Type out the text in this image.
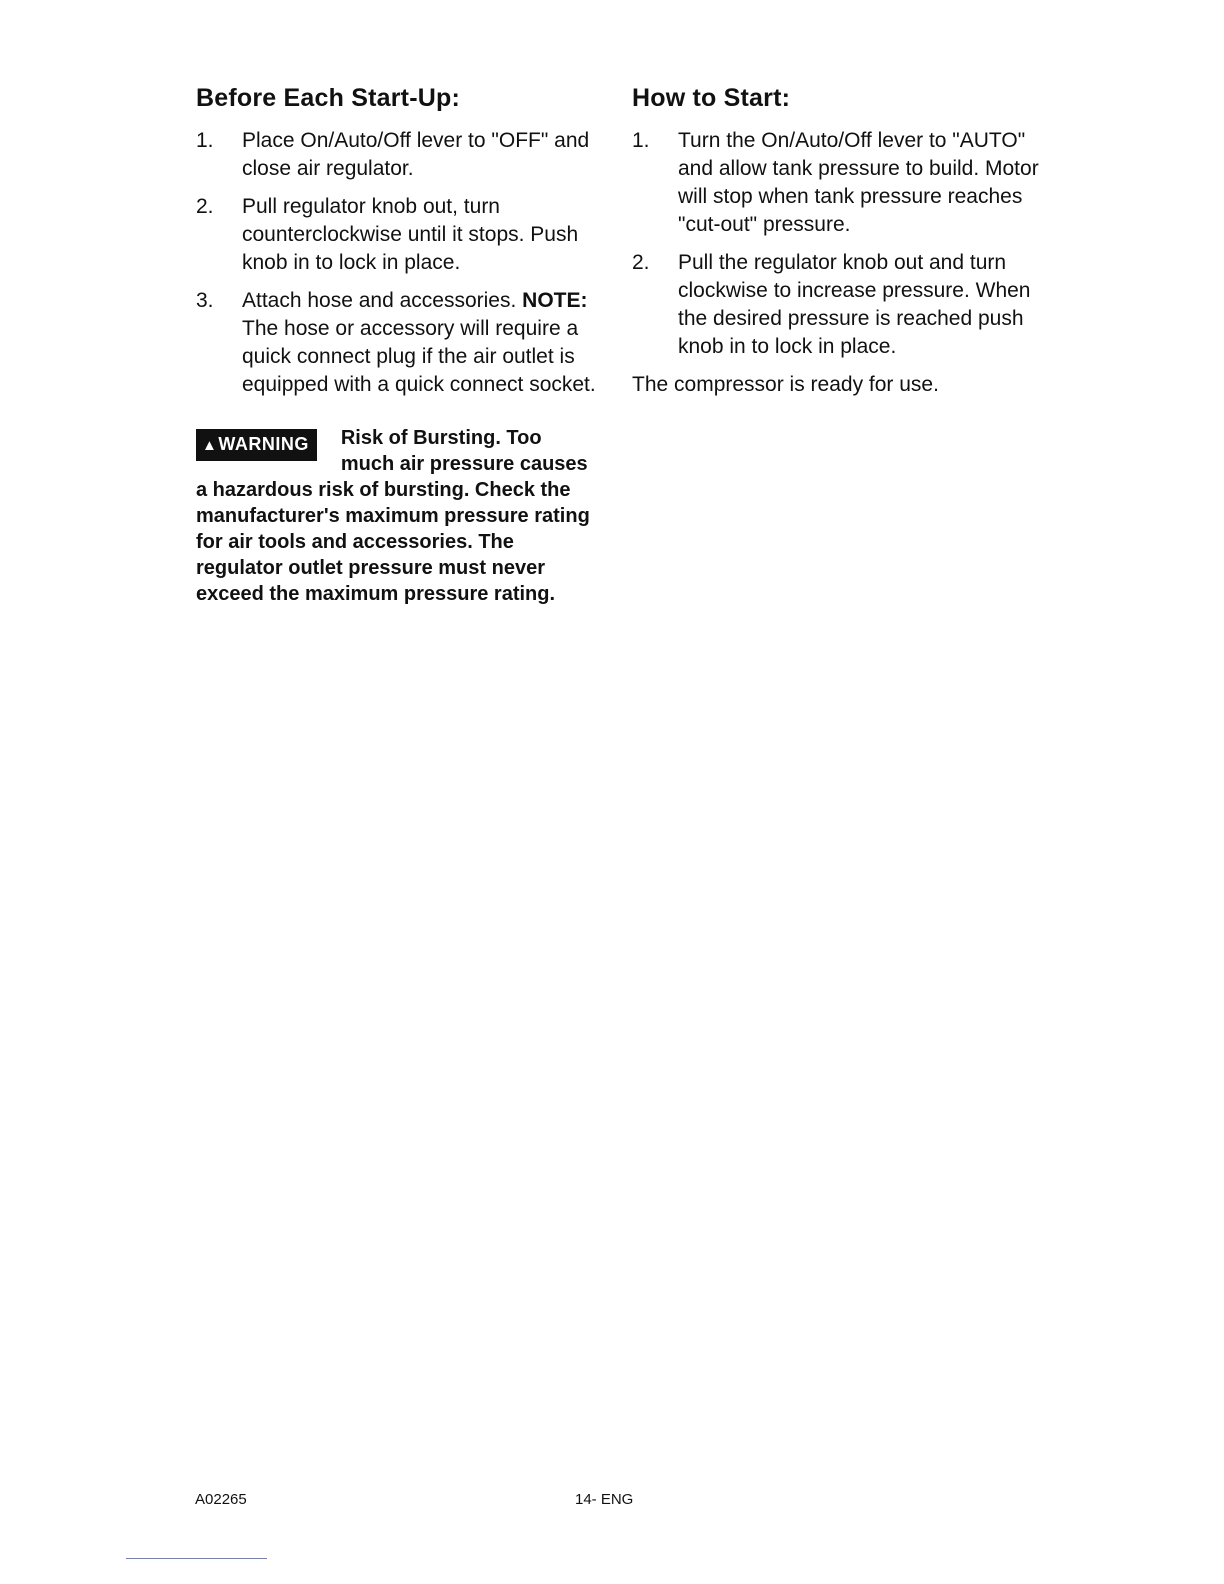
Before Each Start-Up:
1. Place On/Auto/Off lever to "OFF" and close air regulator.
2. Pull regulator knob out, turn counterclockwise until it stops. Push knob in to lock in place.
3. Attach hose and accessories. NOTE: The hose or accessory will require a quick connect plug if the air outlet is equipped with a quick connect socket.
▲WARNING	Risk of Bursting. Too much air pressure causes a hazardous risk of bursting. Check the manufacturer's maximum pressure rating for air tools and accessories. The regulator outlet pressure must never exceed the maximum pressure rating.
How to Start:
1. Turn the On/Auto/Off lever to "AUTO" and allow tank pressure to build. Motor will stop when tank pressure reaches "cut-out" pressure.
2. Pull the regulator knob out and turn clockwise to increase pressure. When the desired pressure is reached push knob in to lock in place.

The compressor is ready for use.

A02265	14- ENG
